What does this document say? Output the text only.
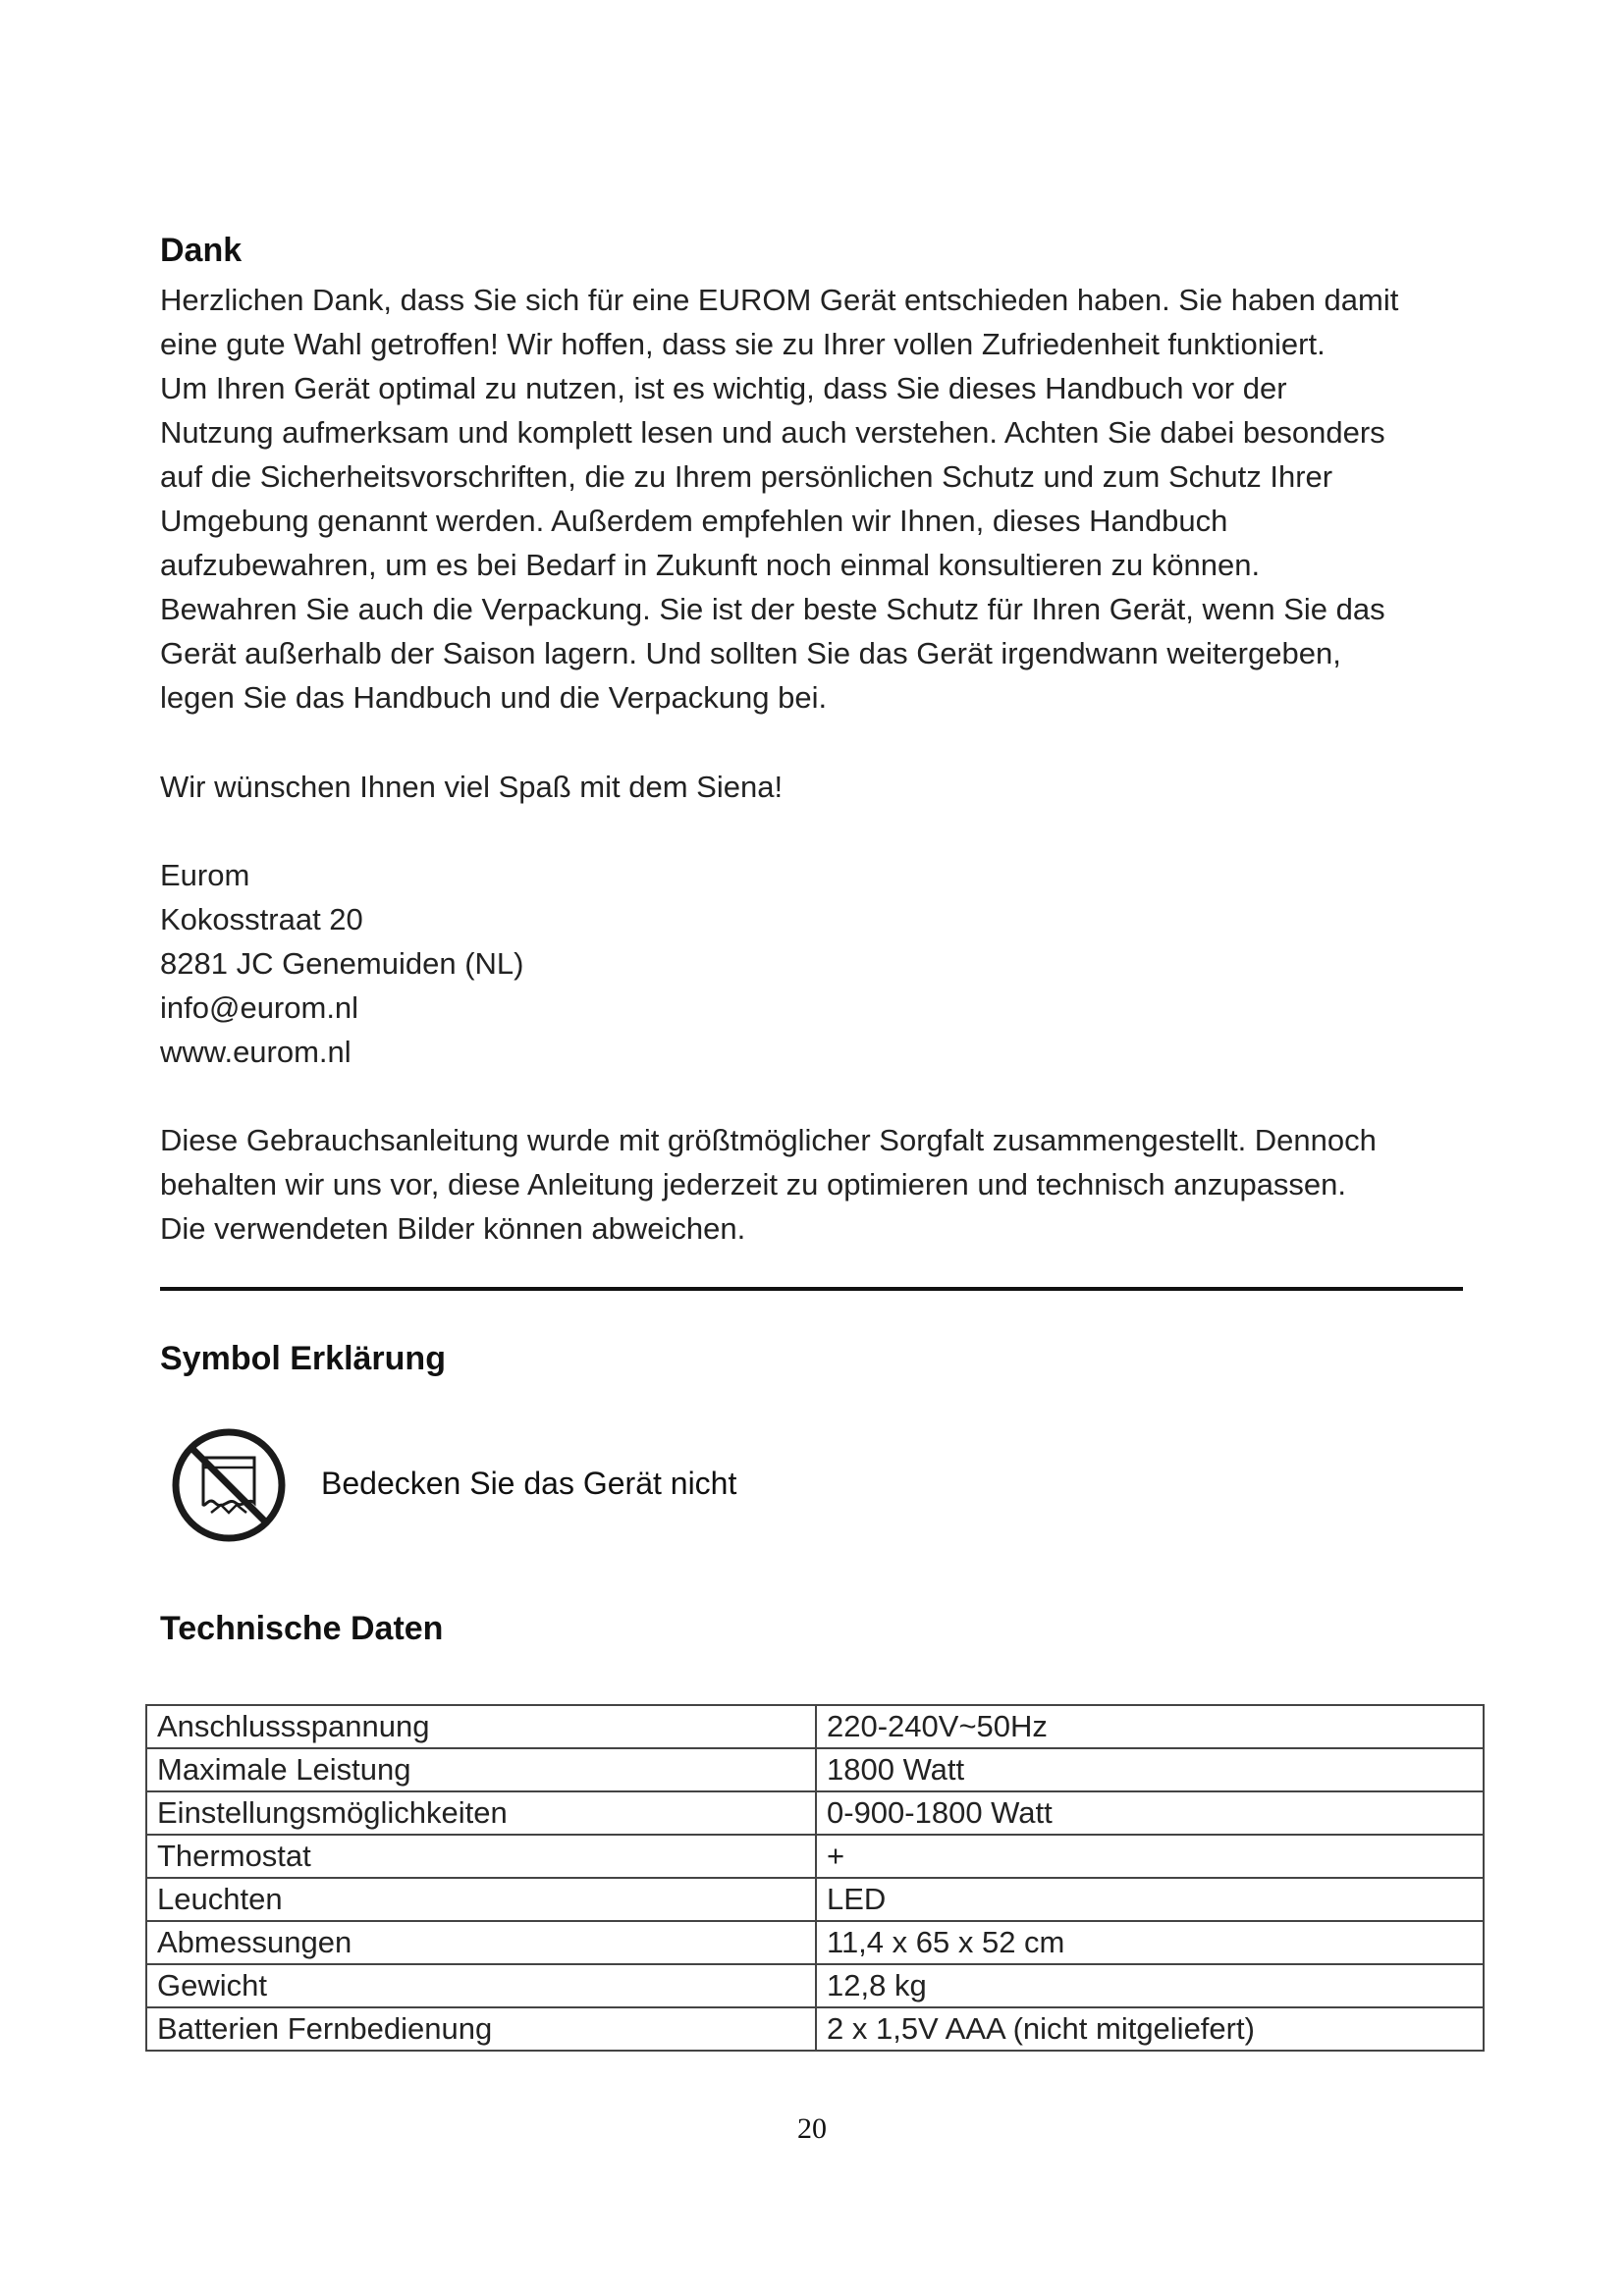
Dank

Herzlichen Dank, dass Sie sich für eine EUROM Gerät entschieden haben. Sie haben damit
eine gute Wahl getroffen! Wir hoffen, dass sie zu Ihrer vollen Zufriedenheit funktioniert.
Um Ihren Gerät optimal zu nutzen, ist es wichtig, dass Sie dieses Handbuch vor der
Nutzung aufmerksam und komplett lesen und auch verstehen. Achten Sie dabei besonders
auf die Sicherheitsvorschriften, die zu Ihrem persönlichen Schutz und zum Schutz Ihrer
Umgebung genannt werden. Außerdem empfehlen wir Ihnen, dieses Handbuch
aufzubewahren, um es bei Bedarf in Zukunft noch einmal konsultieren zu können.
Bewahren Sie auch die Verpackung. Sie ist der beste Schutz für Ihren Gerät, wenn Sie das
Gerät außerhalb der Saison lagern. Und sollten Sie das Gerät irgendwann weitergeben,
legen Sie das Handbuch und die Verpackung bei.

Wir wünschen Ihnen viel Spaß mit dem Siena!

Eurom
Kokosstraat 20
8281 JC Genemuiden (NL)
info@eurom.nl
www.eurom.nl

Diese Gebrauchsanleitung wurde mit größtmöglicher Sorgfalt zusammengestellt. Dennoch
behalten wir uns vor, diese Anleitung jederzeit zu optimieren und technisch anzupassen.
Die verwendeten Bilder können abweichen.

Symbol Erklärung
Bedecken Sie das Gerät nicht
Technische Daten
Anschlussspannung	220-240V~50Hz
Maximale Leistung	1800 Watt
Einstellungsmöglichkeiten	0-900-1800 Watt
Thermostat	+
Leuchten	LED
Abmessungen	11,4 x 65 x 52 cm
Gewicht	12,8 kg
Batterien Fernbedienung	2 x 1,5V AAA (nicht mitgeliefert)
20
